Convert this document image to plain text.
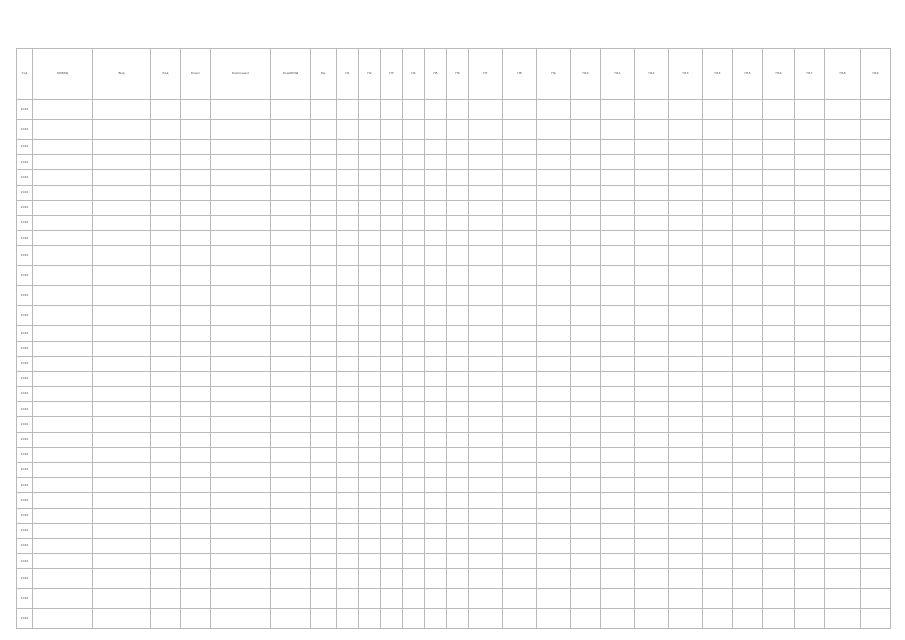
Год	ОКВЭД	Вид	Код	Класс	Компонент	КодОКПД	Ед.	П1	П2	П3	П4	П5	П6	П7	П8	П9	П10	П11	П12	П13	П14	П15	П16	П17	П18	П19
2016																										
2016																										
2016																										
2016																										
2016																										
2016																										
2016																										
2016																										
2016																										
2016																										
2016																										
2016																										
2016																										
2016																										
2016																										
2016																										
2016																										
2016																										
2016																										
2016																										
2016																										
2016																										
2016																										
2016																										
2016																										
2016																										
2016																										
2016																										
2016																										
2016																										
2016																										
2016																										
